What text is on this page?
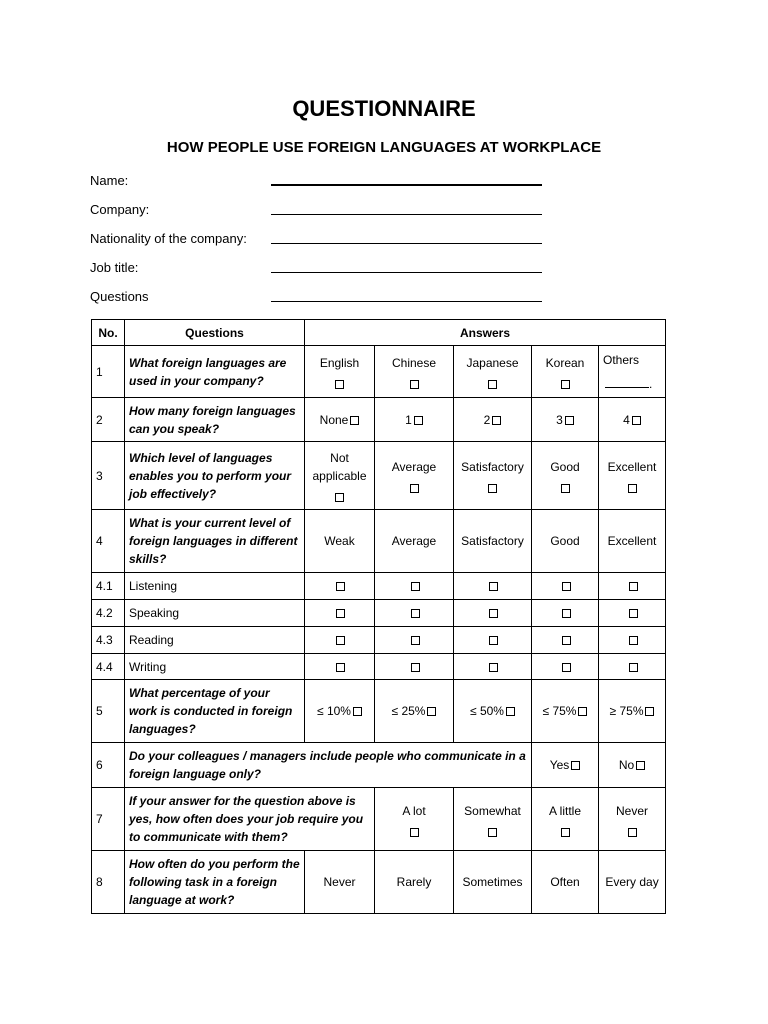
QUESTIONNAIRE
HOW PEOPLE USE FOREIGN LANGUAGES AT WORKPLACE
Name:
Company:
Nationality of the company:
Job title:
Questions
No.	Questions	Answers				
1	What foreign languages are used in your company?	English	Chinese	Japanese	Korean	Others
.

2	How many foreign languages can you speak?	None	1	2	3	4
3	Which level of languages enables you to perform your job effectively?	Not applicable	Average	Satisfactory	Good	Excellent

4	What is your current level of foreign languages in different skills?	Weak	Average	Satisfactory	Good	Excellent
4.1	Listening					
4.2	Speaking					
4.3	Reading					
4.4	Writing					
5	What percentage of your work is conducted in foreign languages?	≤ 10%	≤ 25%	≤ 50%	≤ 75%	≥ 75%
6	Do your colleagues / managers include people who communicate in a foreign language only?				Yes	No
7	If your answer for the question above is yes, how often does your job require you to communicate with them?		A lot	Somewhat	A little	Never

8	How often do you perform the following task in a foreign language at work?	Never	Rarely	Sometimes	Often	Every day
